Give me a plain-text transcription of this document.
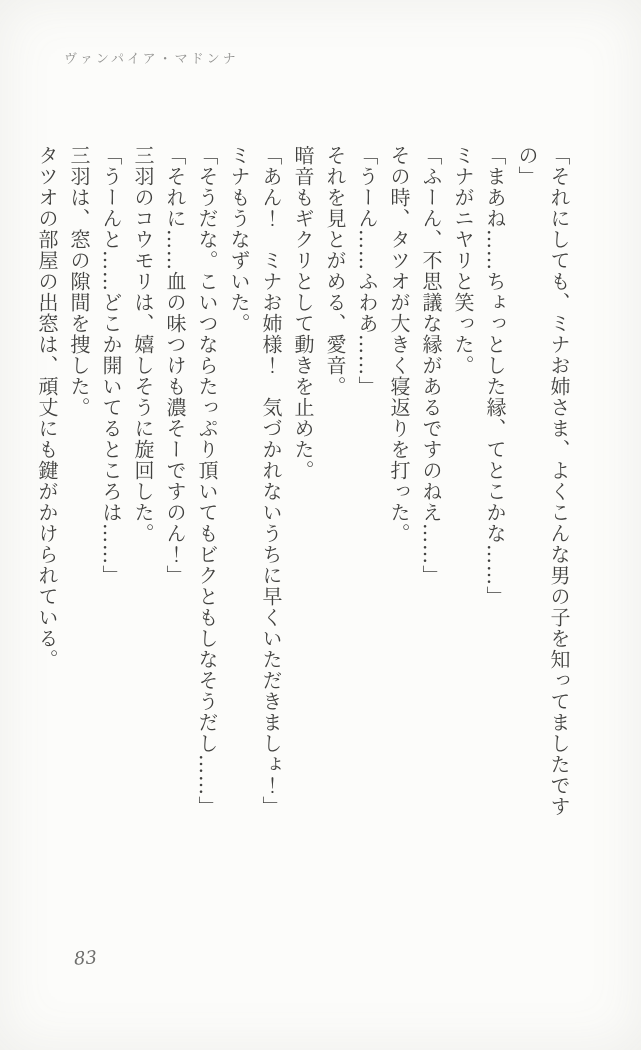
ヴァンパイア・マドンナ

「それにしても、ミナお姉さま、よくこんな男の子を知ってましたですの」

「まあね……ちょっとした縁、てとこかな……」

ミナがニヤリと笑った。

「ふーん、不思議な縁があるですのねえ……」

その時、タツオが大きく寝返りを打った。

「うーん……ふわあ……」

それを見とがめる、愛音。

暗音もギクリとして動きを止めた。

「あん！　ミナお姉様！　気づかれないうちに早くいただきましょ！」

ミナもうなずいた。

「そうだな。こいつならたっぷり頂いてもビクともしなそうだし……」

「それに……血の味つけも濃そーですのん！」

三羽のコウモリは、嬉しそうに旋回した。

「うーんと……どこか開いてるところは……」

三羽は、窓の隙間を捜した。

タツオの部屋の出窓は、頑丈にも鍵がかけられている。

83
